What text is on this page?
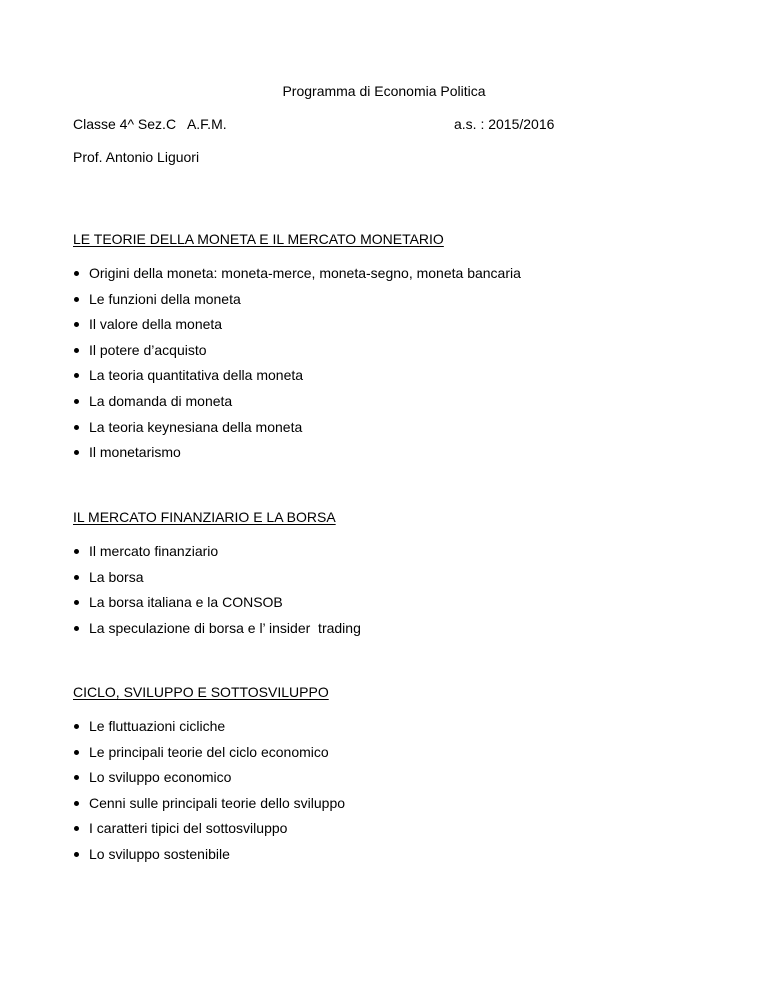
Programma di Economia Politica
Classe 4^ Sez.C   A.F.M.	a.s. : 2015/2016
Prof. Antonio Liguori
LE TEORIE DELLA MONETA E IL MERCATO MONETARIO
Origini della moneta: moneta-merce, moneta-segno, moneta bancaria
Le funzioni della moneta
Il valore della moneta
Il potere d’acquisto
La teoria quantitativa della moneta
La domanda di moneta
La teoria keynesiana della moneta
Il monetarismo
IL MERCATO FINANZIARIO E LA BORSA
Il mercato finanziario
La borsa
La borsa italiana e la CONSOB
La speculazione di borsa e l’ insider  trading
CICLO, SVILUPPO E SOTTOSVILUPPO
Le fluttuazioni cicliche
Le principali teorie del ciclo economico
Lo sviluppo economico
Cenni sulle principali teorie dello sviluppo
I caratteri tipici del sottosviluppo
Lo sviluppo sostenibile
